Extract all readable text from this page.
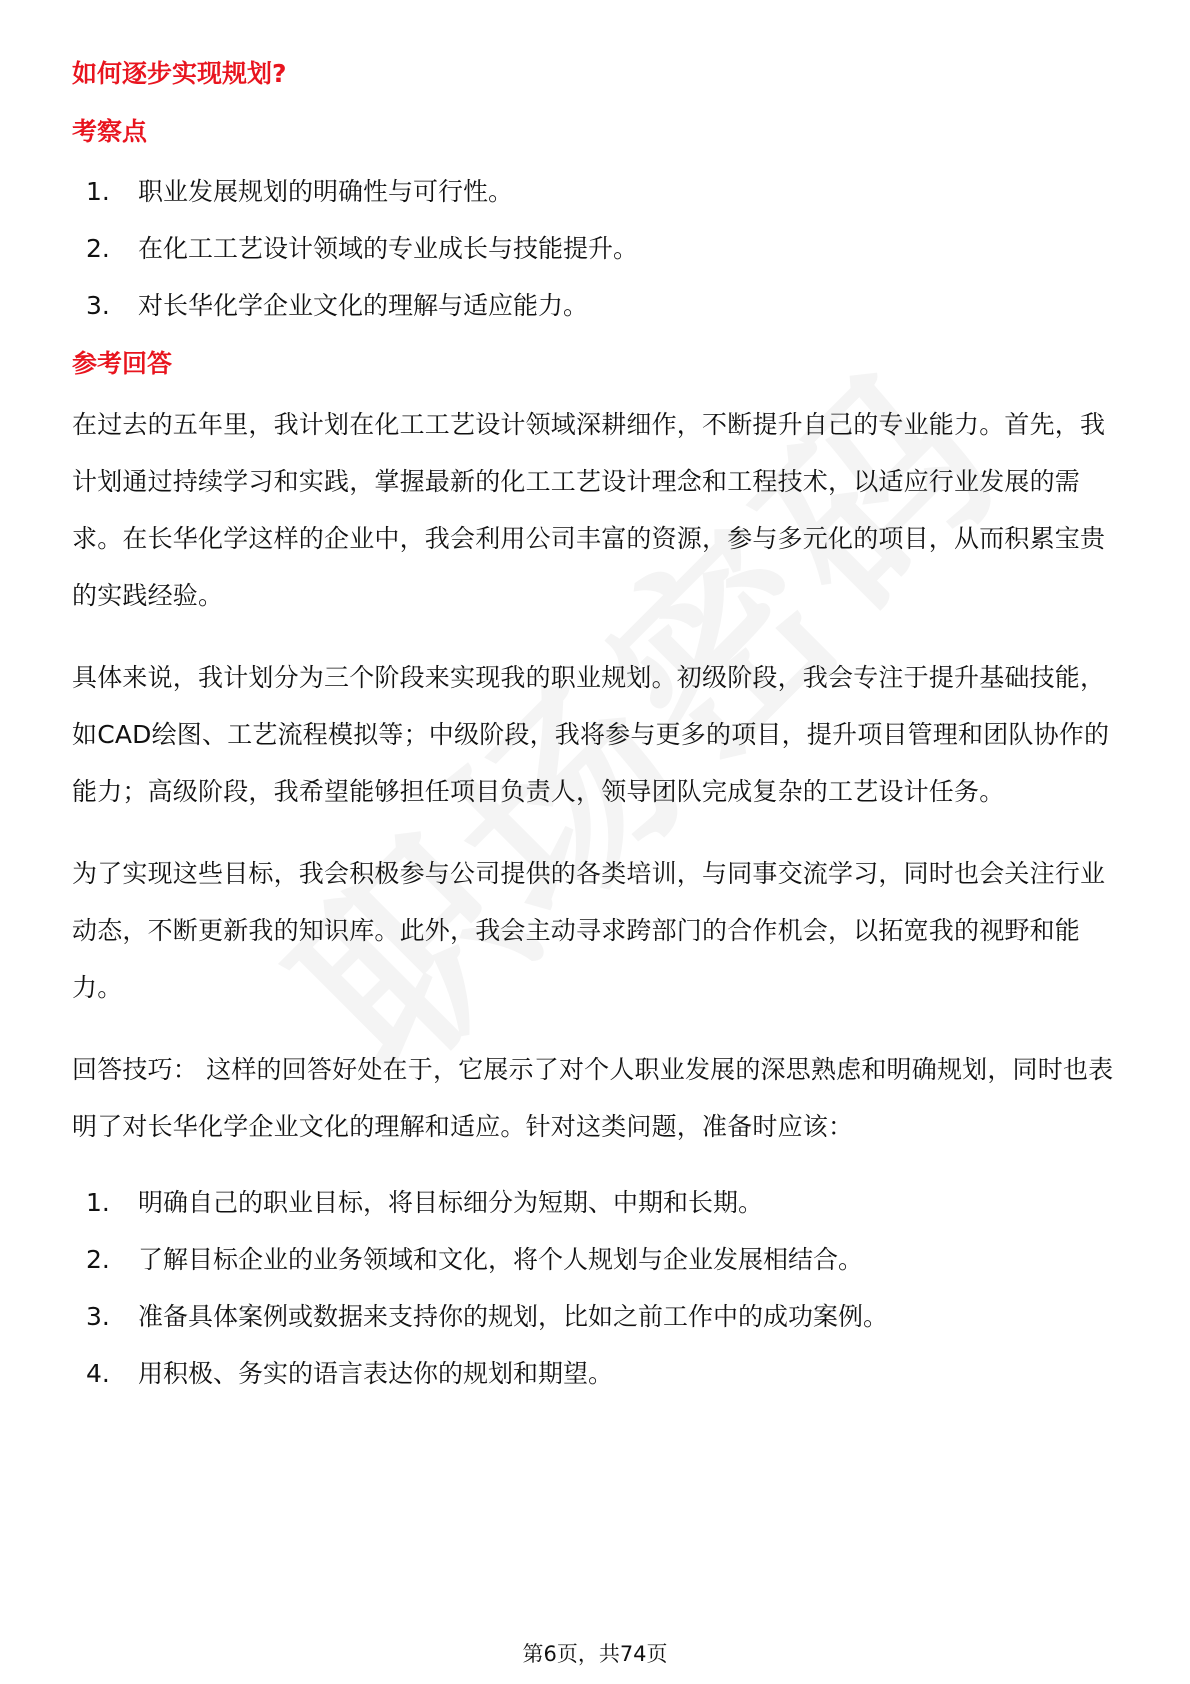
如何逐步实现规划?
考察点
1.	职业发展规划的明确性与可行性。
2.	在化工工艺设计领域的专业成长与技能提升。
3.	对长华化学企业文化的理解与适应能力。
参考回答

在过去的五年里，我计划在化工工艺设计领域深耕细作，不断提升自己的专业能力。首先，我计划通过持续学习和实践，掌握最新的化工工艺设计理念和工程技术，以适应行业发展的需求。在长华化学这样的企业中，我会利用公司丰富的资源，参与多元化的项目，从而积累宝贵的实践经验。

具体来说，我计划分为三个阶段来实现我的职业规划。初级阶段，我会专注于提升基础技能，如CAD绘图、工艺流程模拟等；中级阶段，我将参与更多的项目，提升项目管理和团队协作的能力；高级阶段，我希望能够担任项目负责人，领导团队完成复杂的工艺设计任务。

为了实现这些目标，我会积极参与公司提供的各类培训，与同事交流学习，同时也会关注行业动态，不断更新我的知识库。此外，我会主动寻求跨部门的合作机会，以拓宽我的视野和能力。

回答技巧： 这样的回答好处在于，它展示了对个人职业发展的深思熟虑和明确规划，同时也表明了对长华化学企业文化的理解和适应。针对这类问题，准备时应该：

1.	明确自己的职业目标，将目标细分为短期、中期和长期。
2.	了解目标企业的业务领域和文化，将个人规划与企业发展相结合。
3.	准备具体案例或数据来支持你的规划，比如之前工作中的成功案例。
4.	用积极、务实的语言表达你的规划和期望。
第6页，共74页
